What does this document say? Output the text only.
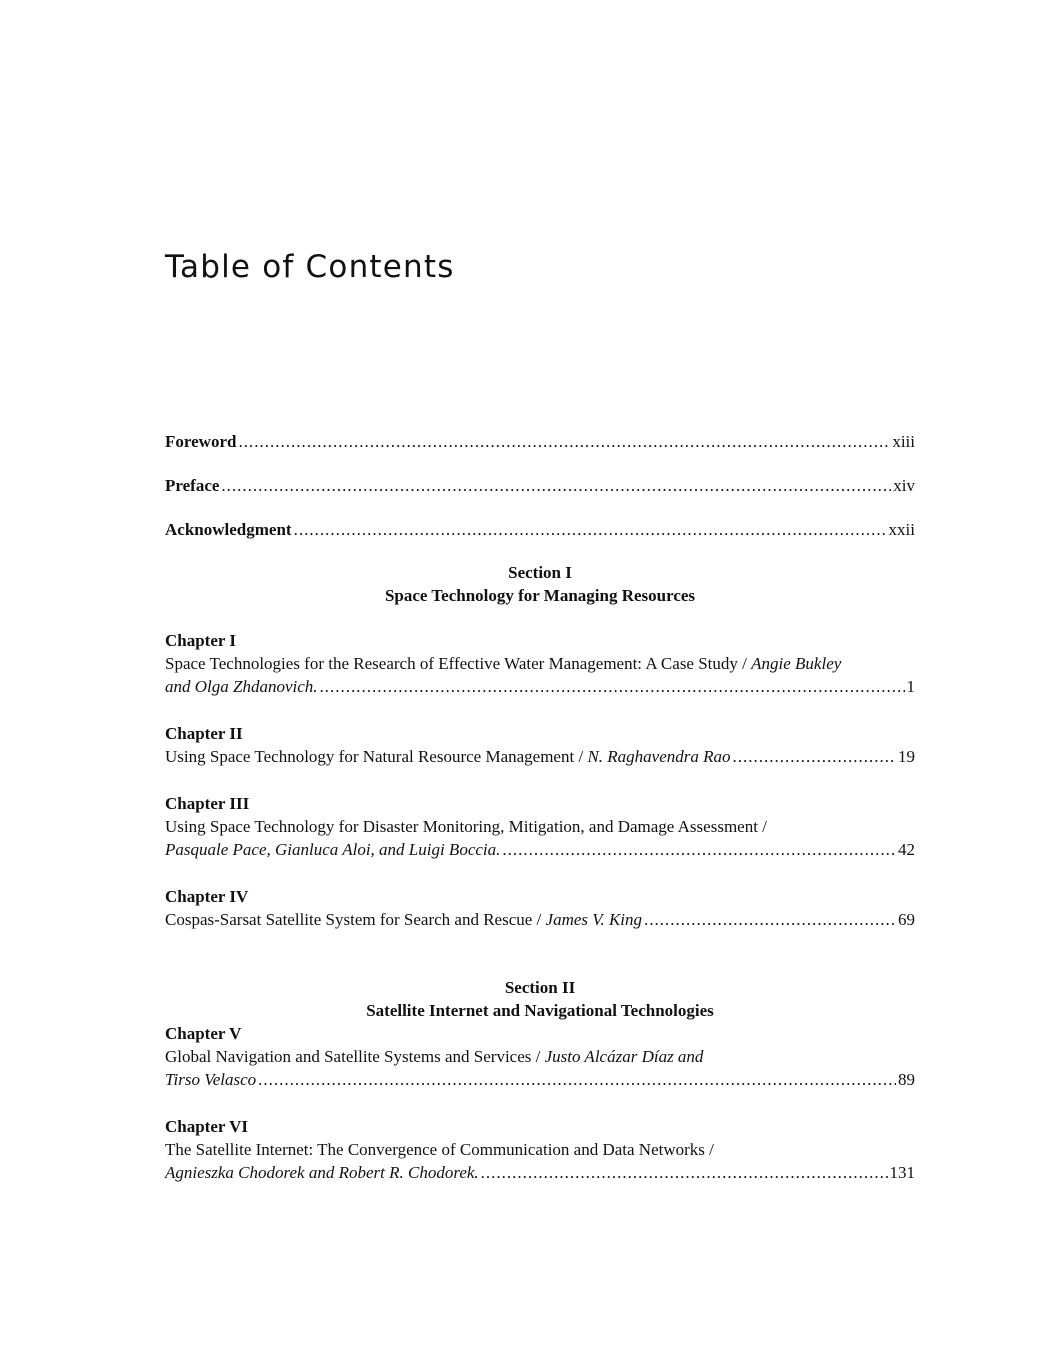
Table of Contents
Foreword .....	xiii
Preface .....	xiv
Acknowledgment .....	xxii
Section I
Space Technology for Managing Resources
Chapter I
Space Technologies for the Research of Effective Water Management: A Case Study / Angie Bukley
and Olga Zhdanovich. .....	1
Chapter II
Using Space Technology for Natural Resource Management / N. Raghavendra Rao .....	19
Chapter III
Using Space Technology for Disaster Monitoring, Mitigation, and Damage Assessment /
Pasquale Pace, Gianluca Aloi, and Luigi Boccia. .....	42
Chapter IV
Cospas-Sarsat Satellite System for Search and Rescue / James V. King .....	69
Section II
Satellite Internet and Navigational Technologies
Chapter V
Global Navigation and Satellite Systems and Services / Justo Alcázar Díaz and
Tirso Velasco .....	89
Chapter VI
The Satellite Internet: The Convergence of Communication and Data Networks /
Agnieszka Chodorek and Robert R. Chodorek. .....	131
